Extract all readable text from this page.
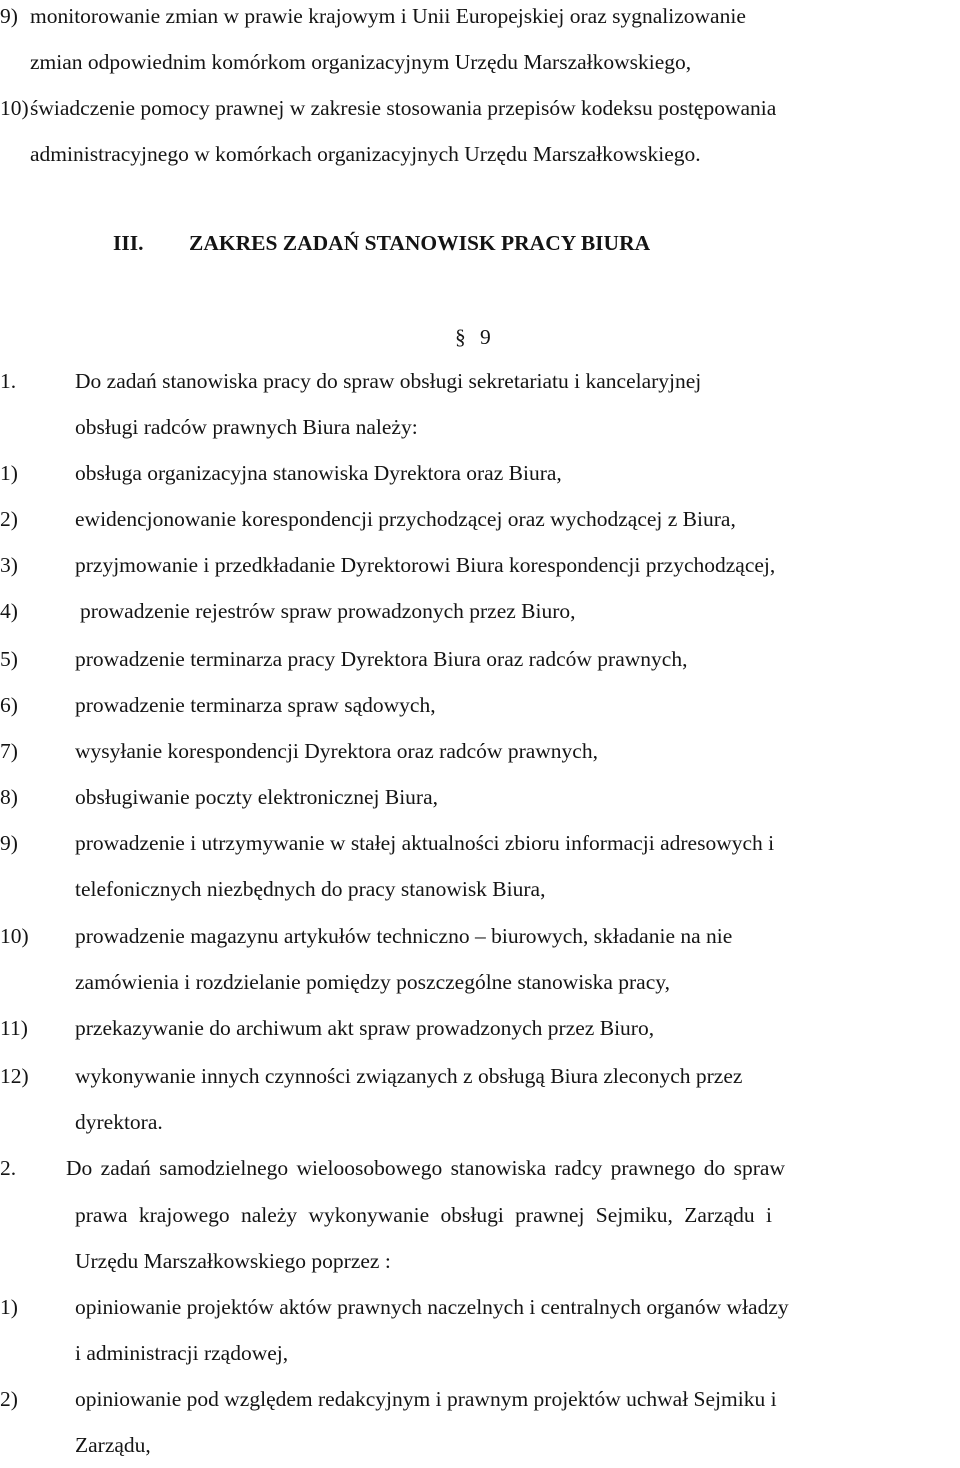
9) monitorowanie zmian w prawie krajowym i Unii Europejskiej oraz sygnalizowanie
zmian odpowiednim komórkom organizacyjnym Urzędu Marszałkowskiego,
10) świadczenie pomocy prawnej w zakresie stosowania przepisów kodeksu postępowania
administracyjnego w komórkach organizacyjnych Urzędu Marszałkowskiego.
III. ZAKRES ZADAŃ STANOWISK PRACY BIURA
§ 9
1.	Do zadań stanowiska pracy do spraw obsługi sekretariatu i kancelaryjnej
obsługi radców prawnych Biura należy:
1)	obsługa organizacyjna stanowiska Dyrektora oraz Biura,
2)	ewidencjonowanie korespondencji przychodzącej oraz wychodzącej z Biura,
3)	przyjmowanie i przedkładanie Dyrektorowi Biura korespondencji przychodzącej,
4)	prowadzenie rejestrów spraw prowadzonych przez Biuro,
5)	prowadzenie terminarza pracy Dyrektora Biura oraz radców prawnych,
6)	prowadzenie terminarza spraw sądowych,
7)	wysyłanie korespondencji Dyrektora oraz radców prawnych,
8)	obsługiwanie poczty elektronicznej Biura,
9)	prowadzenie i utrzymywanie w stałej aktualności zbioru informacji adresowych i
telefonicznych niezbędnych do pracy stanowisk Biura,
10) prowadzenie magazynu artykułów techniczno – biurowych, składanie na nie
zamówienia i rozdzielanie pomiędzy poszczególne stanowiska pracy,
11) przekazywanie do archiwum akt spraw prowadzonych przez Biuro,
12) wykonywanie innych czynności związanych z obsługą Biura zleconych przez
dyrektora.
2. Do zadań samodzielnego wieloosobowego stanowiska radcy prawnego do spraw
prawa krajowego należy wykonywanie obsługi prawnej Sejmiku, Zarządu i
Urzędu Marszałkowskiego poprzez :
1)	opiniowanie projektów aktów prawnych naczelnych i centralnych organów władzy
i administracji rządowej,
2)	opiniowanie pod względem redakcyjnym i prawnym projektów uchwał Sejmiku i
Zarządu,
